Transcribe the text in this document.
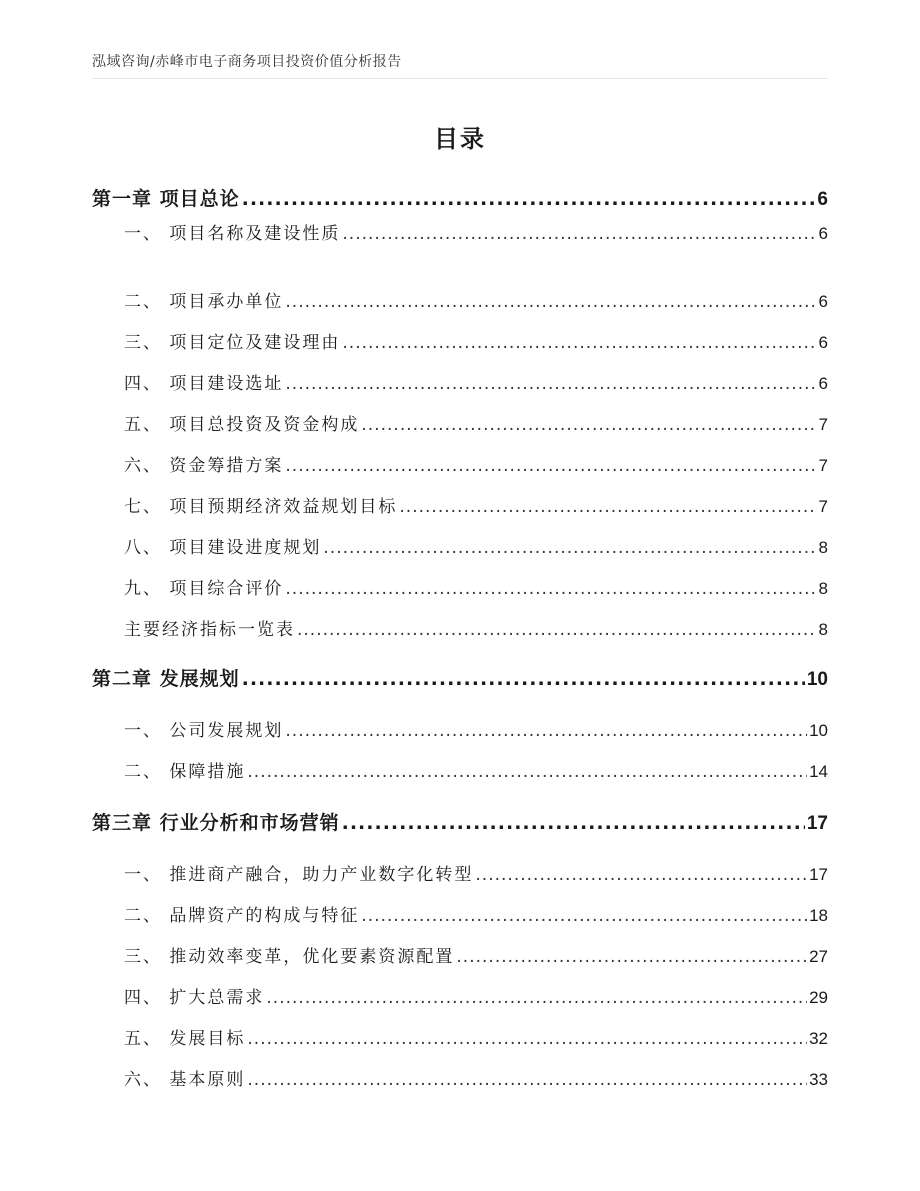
泓域咨询/赤峰市电子商务项目投资价值分析报告
目录
第一章 项目总论 .....	6
一、 项目名称及建设性质 .....	6
二、 项目承办单位 .....	6
三、 项目定位及建设理由 .....	6
四、 项目建设选址 .....	6
五、 项目总投资及资金构成 .....	7
六、 资金筹措方案 .....	7
七、 项目预期经济效益规划目标 .....	7
八、 项目建设进度规划 .....	8
九、 项目综合评价 .....	8
主要经济指标一览表 .....	8
第二章 发展规划 .....	10
一、 公司发展规划 .....	10
二、 保障措施 .....	14
第三章 行业分析和市场营销 .....	17
一、 推进商产融合，助力产业数字化转型 .....	17
二、 品牌资产的构成与特征 .....	18
三、 推动效率变革，优化要素资源配置 .....	27
四、 扩大总需求 .....	29
五、 发展目标 .....	32
六、 基本原则 .....	33
